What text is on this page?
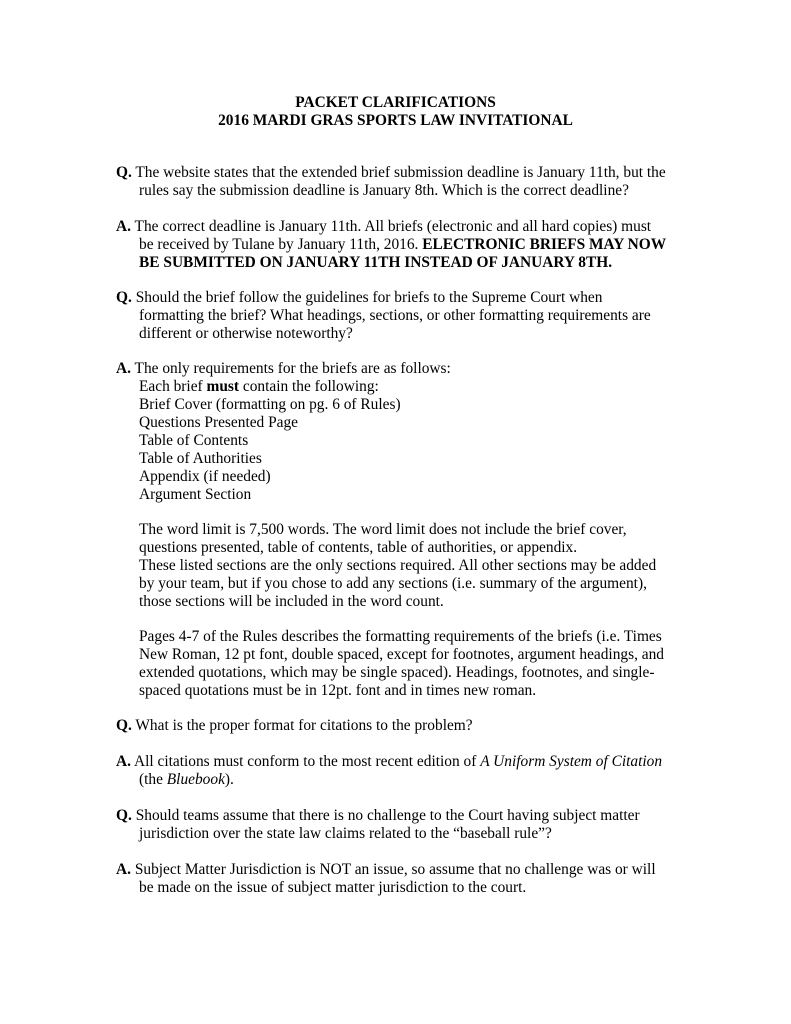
PACKET CLARIFICATIONS
2016 MARDI GRAS SPORTS LAW INVITATIONAL
Q. The website states that the extended brief submission deadline is January 11th, but the
rules say the submission deadline is January 8th. Which is the correct deadline?
A. The correct deadline is January 11th. All briefs (electronic and all hard copies) must
be received by Tulane by January 11th, 2016. ELECTRONIC BRIEFS MAY NOW
BE SUBMITTED ON JANUARY 11TH INSTEAD OF JANUARY 8TH.
Q. Should the brief follow the guidelines for briefs to the Supreme Court when
formatting the brief? What headings, sections, or other formatting requirements are
different or otherwise noteworthy?
A. The only requirements for the briefs are as follows:
Each brief must contain the following:
Brief Cover (formatting on pg. 6 of Rules)
Questions Presented Page
Table of Contents
Table of Authorities
Appendix (if needed)
Argument Section
The word limit is 7,500 words. The word limit does not include the brief cover,
questions presented, table of contents, table of authorities, or appendix.
These listed sections are the only sections required. All other sections may be added
by your team, but if you chose to add any sections (i.e. summary of the argument),
those sections will be included in the word count.
Pages 4-7 of the Rules describes the formatting requirements of the briefs (i.e. Times
New Roman, 12 pt font, double spaced, except for footnotes, argument headings, and
extended quotations, which may be single spaced). Headings, footnotes, and single-
spaced quotations must be in 12pt. font and in times new roman.
Q. What is the proper format for citations to the problem?
A. All citations must conform to the most recent edition of A Uniform System of Citation
(the Bluebook).
Q. Should teams assume that there is no challenge to the Court having subject matter
jurisdiction over the state law claims related to the “baseball rule”?
A. Subject Matter Jurisdiction is NOT an issue, so assume that no challenge was or will
be made on the issue of subject matter jurisdiction to the court.
